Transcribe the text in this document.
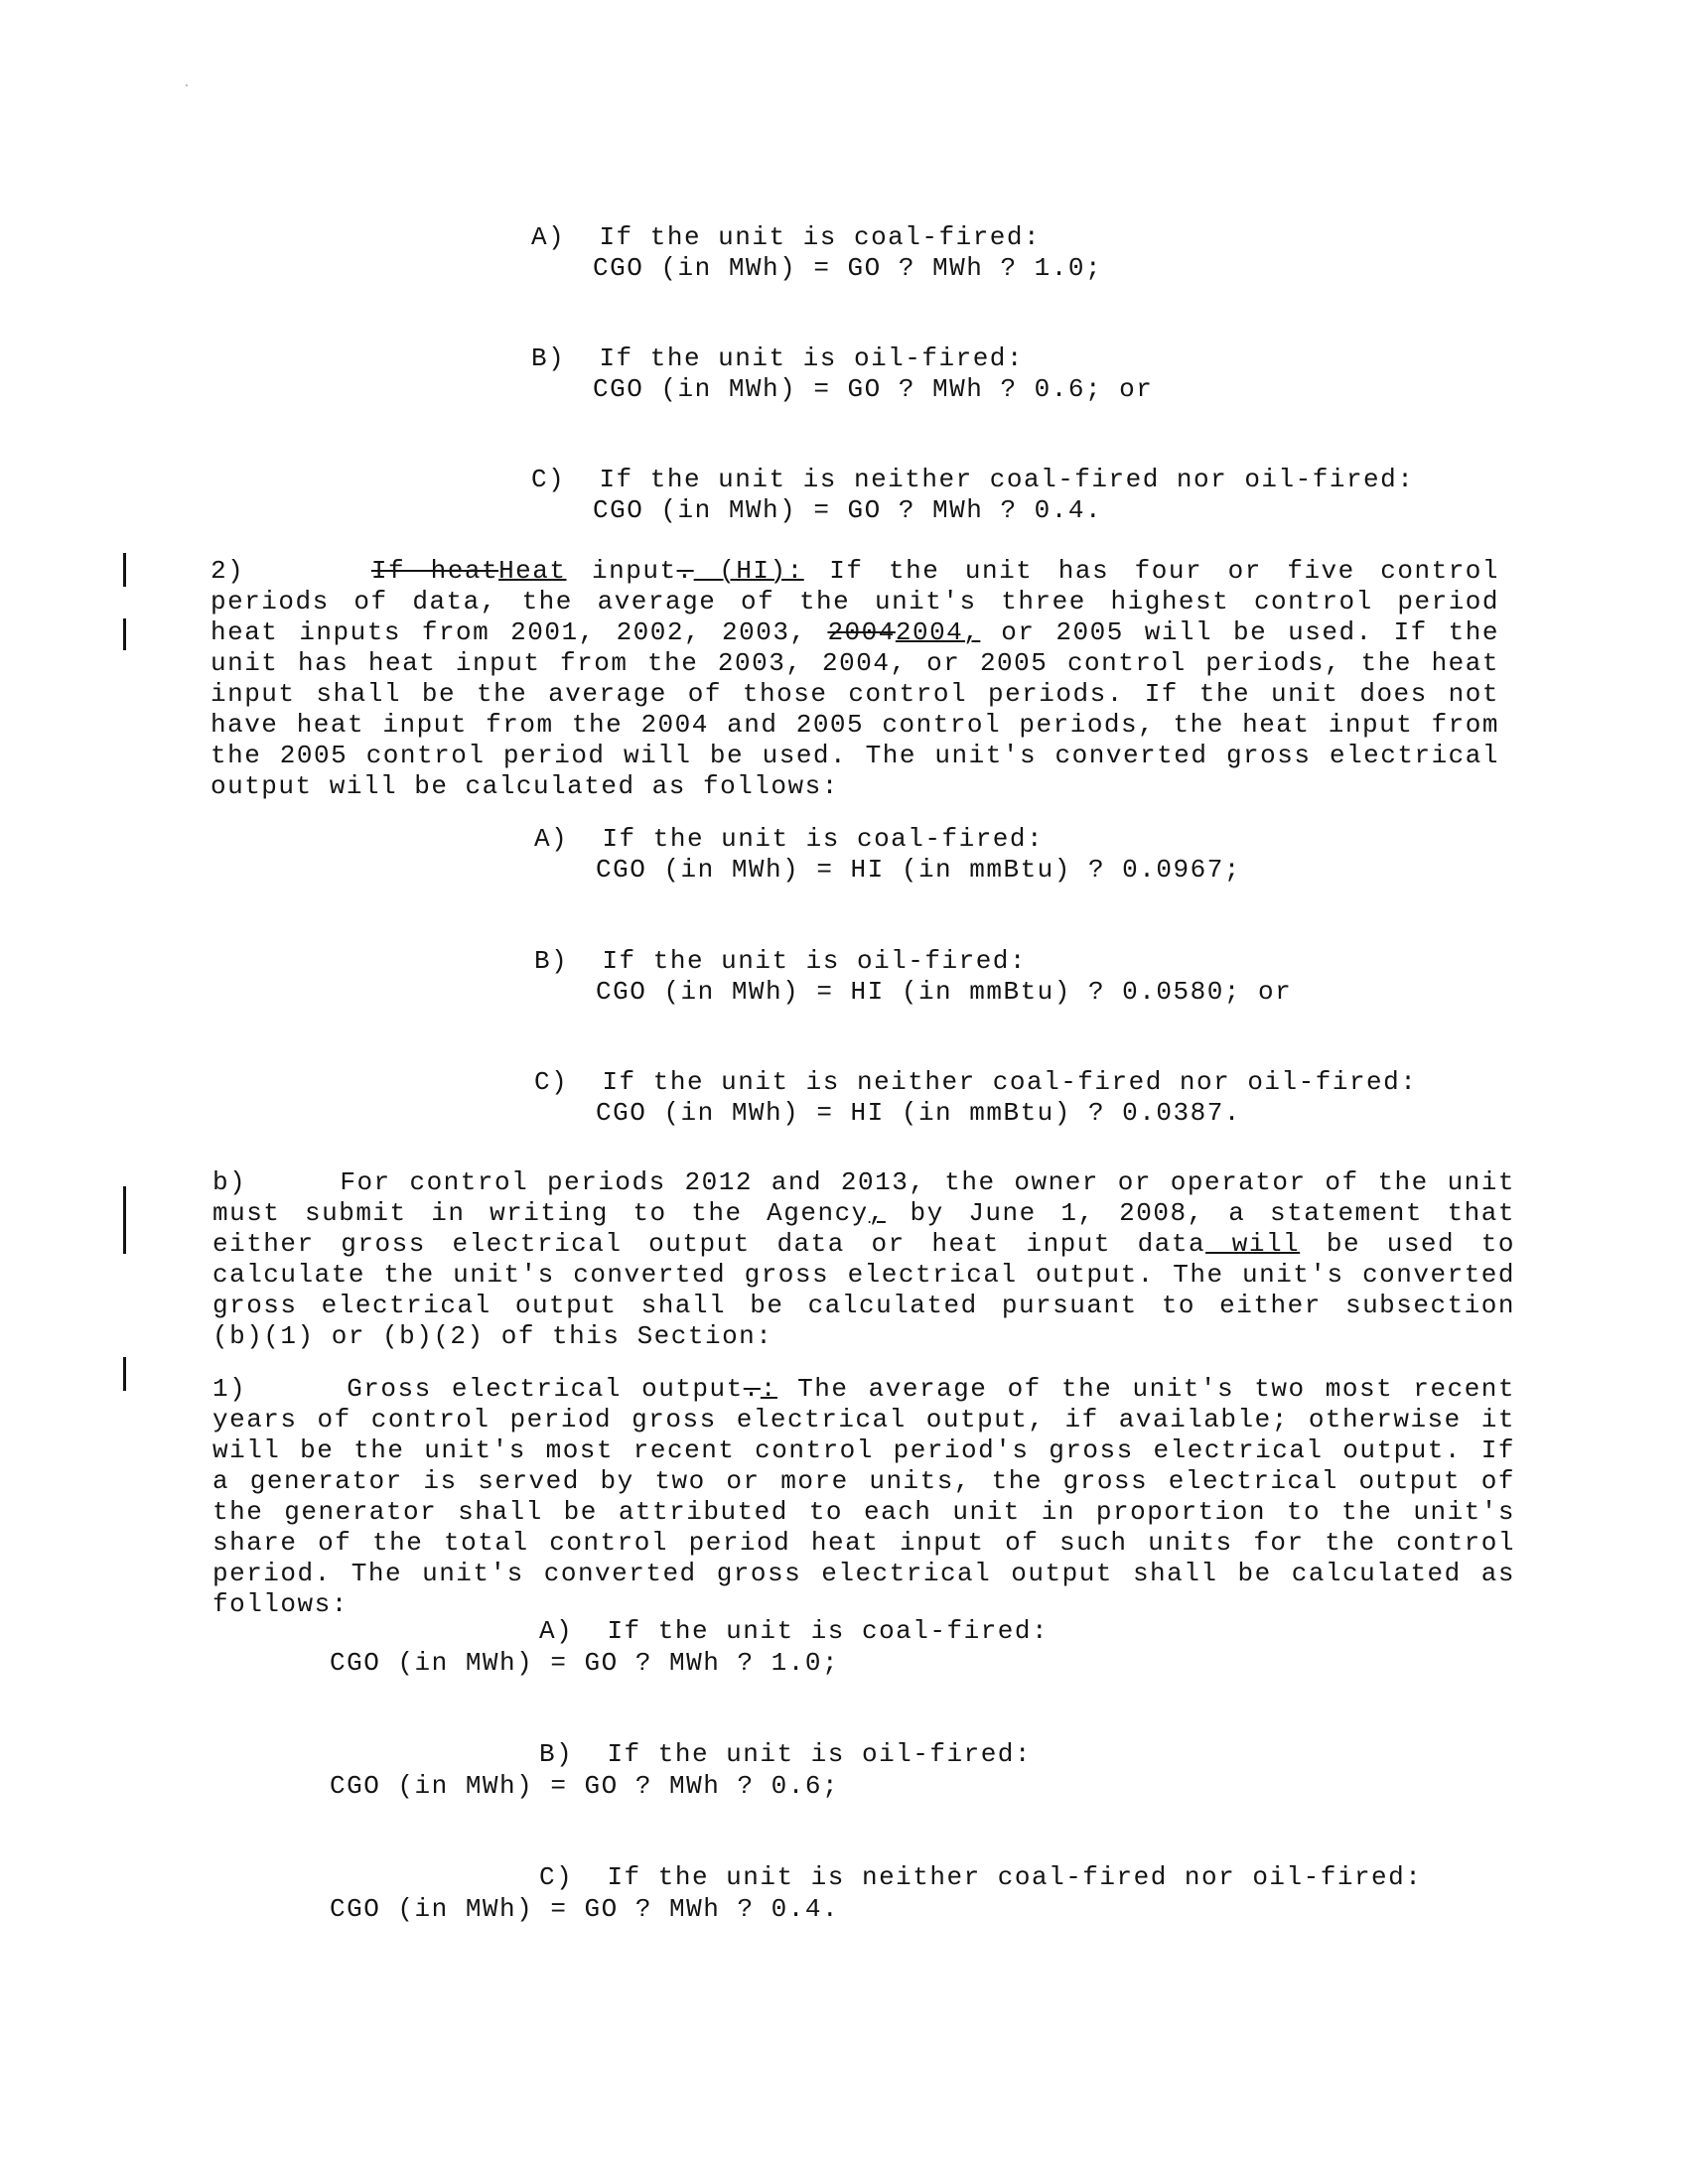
A) If the unit is coal-fired:
CGO (in MWh) = GO ? MWh ? 1.0;
B) If the unit is oil-fired:
CGO (in MWh) = GO ? MWh ? 0.6; or
C) If the unit is neither coal-fired nor oil-fired:
CGO (in MWh) = GO ? MWh ? 0.4.
2)	If heatHeat input. (HI): If the unit has four or five control periods of data, the average of the unit's three highest control period heat inputs from 2001, 2002, 2003, 20042004, or 2005 will be used. If the unit has heat input from the 2003, 2004, or 2005 control periods, the heat input shall be the average of those control periods. If the unit does not have heat input from the 2004 and 2005 control periods, the heat input from the 2005 control period will be used. The unit's converted gross electrical output will be calculated as follows:
A) If the unit is coal-fired:
CGO (in MWh) = HI (in mmBtu) ? 0.0967;
B) If the unit is oil-fired:
CGO (in MWh) = HI (in mmBtu) ? 0.0580; or
C) If the unit is neither coal-fired nor oil-fired:
CGO (in MWh) = HI (in mmBtu) ? 0.0387.
b)	For control periods 2012 and 2013, the owner or operator of the unit must submit in writing to the Agency, by June 1, 2008, a statement that either gross electrical output data or heat input data will be used to calculate the unit's converted gross electrical output. The unit's converted gross electrical output shall be calculated pursuant to either subsection (b)(1) or (b)(2) of this Section:
1)	Gross electrical output.: The average of the unit's two most recent years of control period gross electrical output, if available; otherwise it will be the unit's most recent control period's gross electrical output. If a generator is served by two or more units, the gross electrical output of the generator shall be attributed to each unit in proportion to the unit's share of the total control period heat input of such units for the control period. The unit's converted gross electrical output shall be calculated as follows:
A) If the unit is coal-fired:
CGO (in MWh) = GO ? MWh ? 1.0;
B) If the unit is oil-fired:
CGO (in MWh) = GO ? MWh ? 0.6;
C) If the unit is neither coal-fired nor oil-fired:
CGO (in MWh) = GO ? MWh ? 0.4.
